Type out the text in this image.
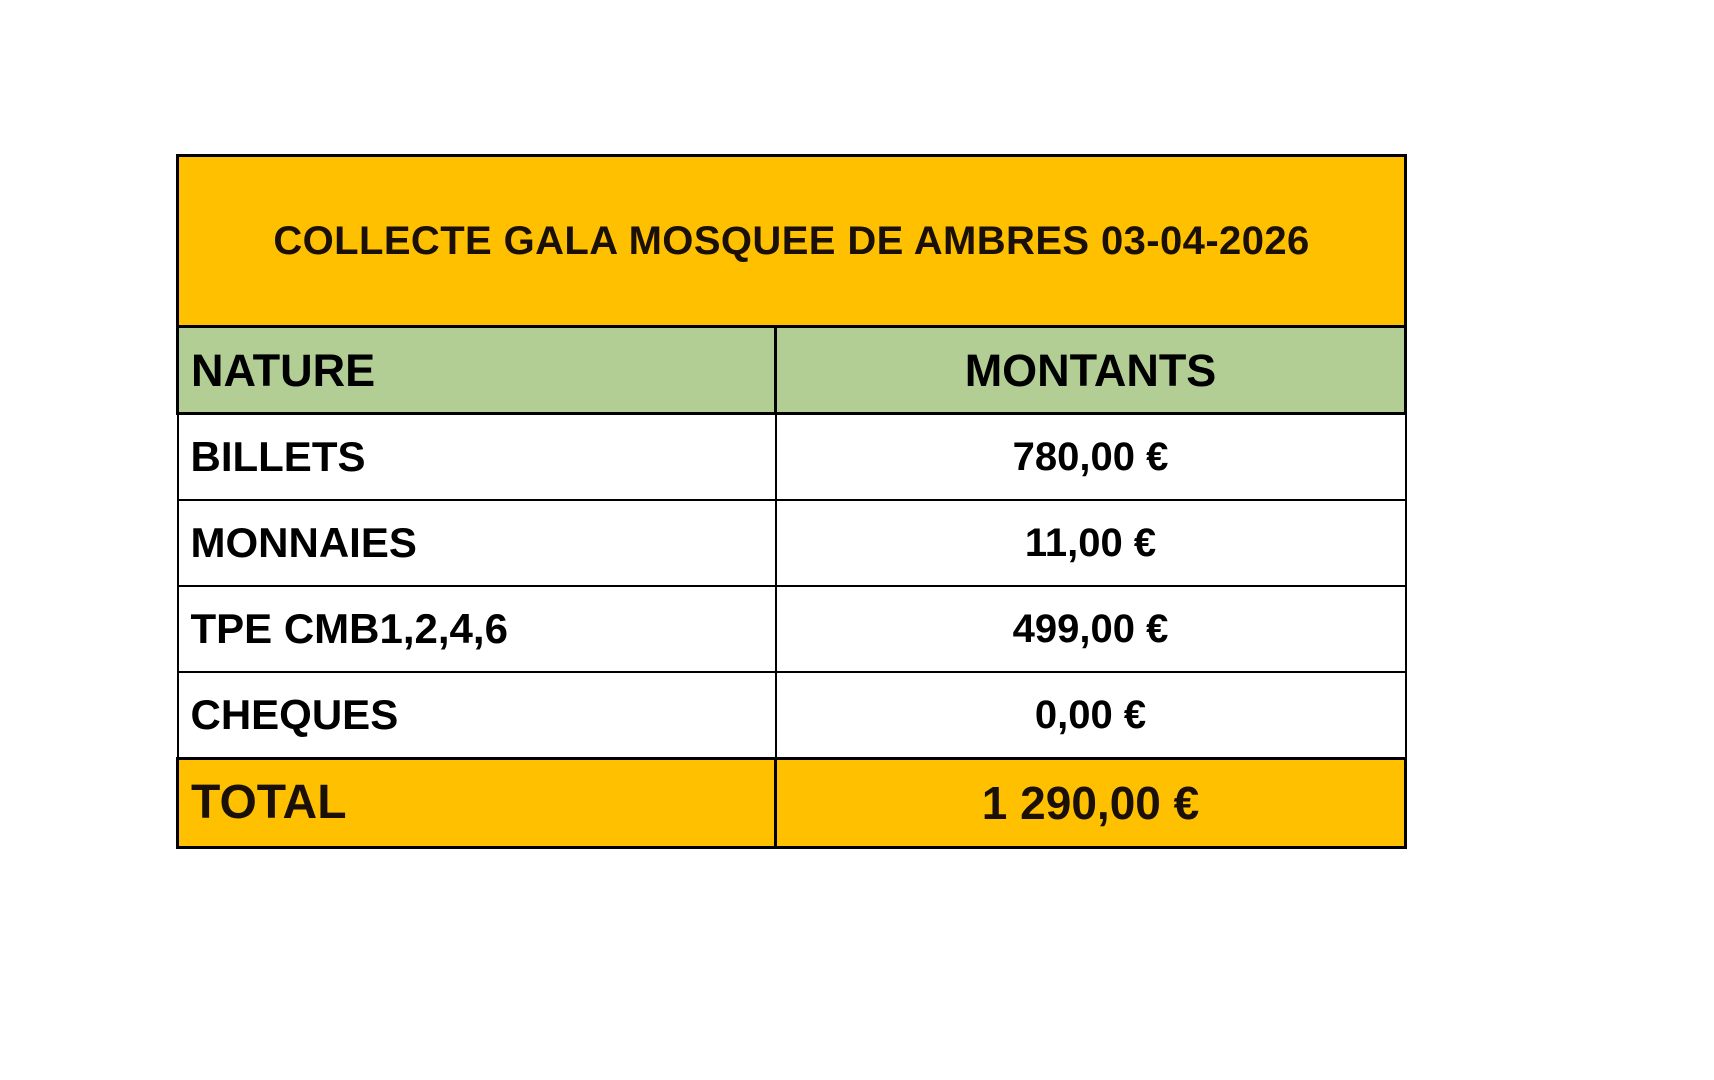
COLLECTE GALA MOSQUEE DE AMBRES 03-04-2026	

NATURE	MONTANTS

BILLETS	780,00 €

MONNAIES	11,00 €

TPE CMB1,2,4,6	499,00 €

CHEQUES	0,00 €

TOTAL	1 290,00 €
